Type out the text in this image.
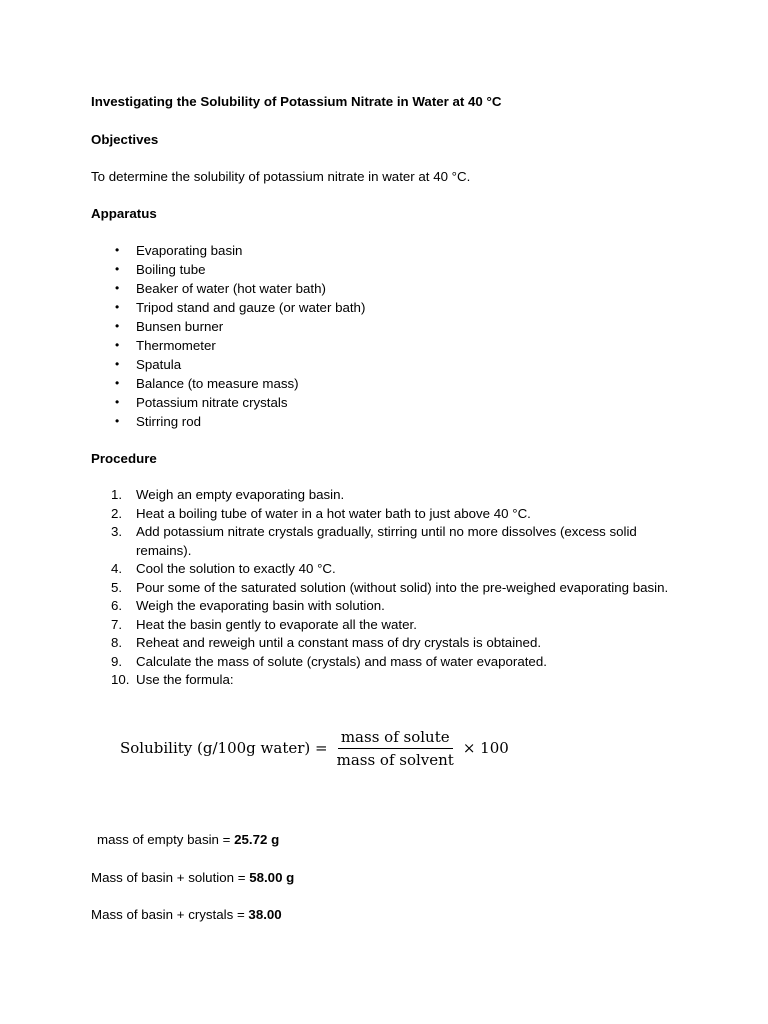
Investigating the Solubility of Potassium Nitrate in Water at 40 °C
Objectives
To determine the solubility of potassium nitrate in water at 40 °C.
Apparatus
•	Evaporating basin
•	Boiling tube
•	Beaker of water (hot water bath)
•	Tripod stand and gauze (or water bath)
•	Bunsen burner
•	Thermometer
•	Spatula
•	Balance (to measure mass)
•	Potassium nitrate crystals
•	Stirring rod
Procedure
1.	Weigh an empty evaporating basin.
2.	Heat a boiling tube of water in a hot water bath to just above 40 °C.
3.	Add potassium nitrate crystals gradually, stirring until no more dissolves (excess solid remains).
4.	Cool the solution to exactly 40 °C.
5.	Pour some of the saturated solution (without solid) into the pre-weighed evaporating basin.
6.	Weigh the evaporating basin with solution.
7.	Heat the basin gently to evaporate all the water.
8.	Reheat and reweigh until a constant mass of dry crystals is obtained.
9.	Calculate the mass of solute (crystals) and mass of water evaporated.
10. Use the formula:
Solubility (g/100g water) = $\frac{\text{mass of solute}}{\text{mass of solvent}} \times 100$
mass of empty basin = 25.72 g
Mass of basin + solution = 58.00 g
Mass of basin + crystals = 38.00
